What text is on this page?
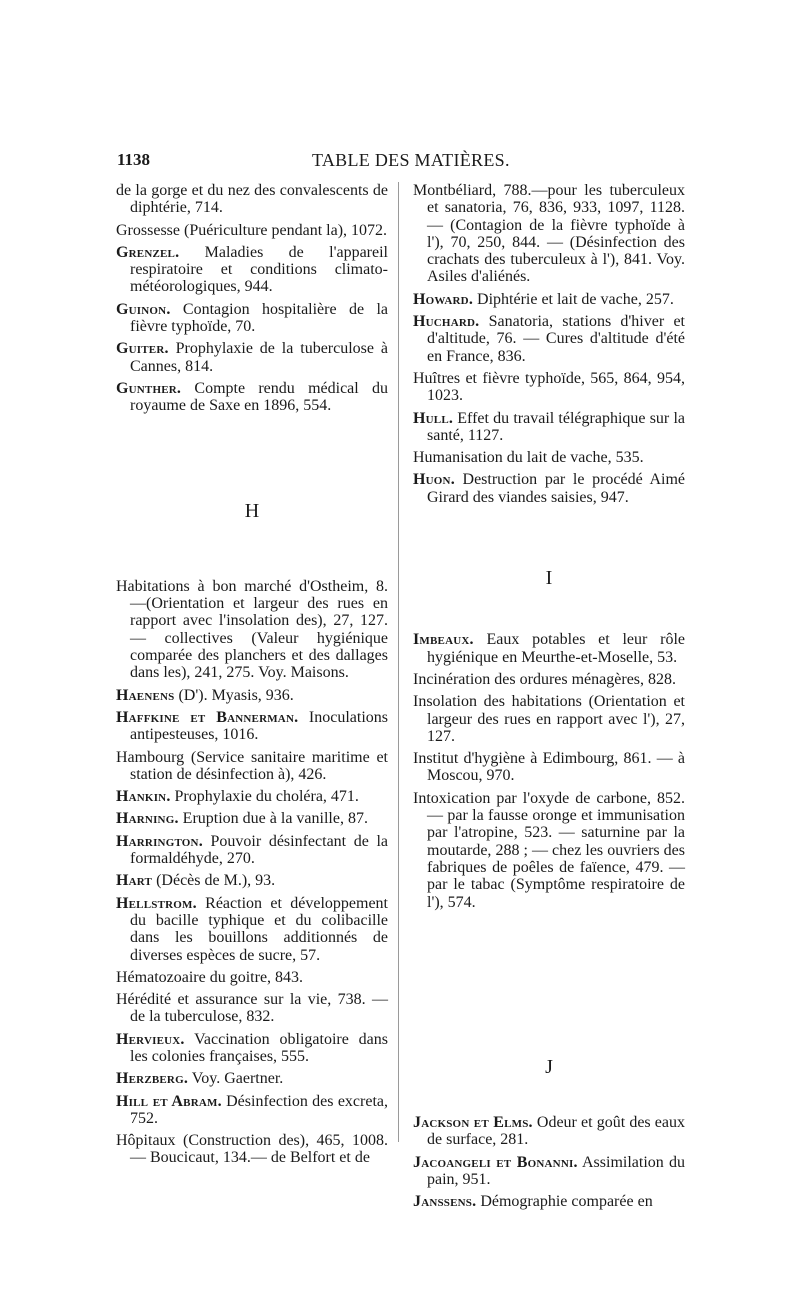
1138	TABLE DES MATIÈRES.

de la gorge et du nez des convalescents de diphtérie, 714.

Grossesse (Puériculture pendant la), 1072.

Grenzel. Maladies de l'appareil respiratoire et conditions climato-météorologiques, 944.

Guinon. Contagion hospitalière de la fièvre typhoïde, 70.

Guiter. Prophylaxie de la tuberculose à Cannes, 814.

Gunther. Compte rendu médical du royaume de Saxe en 1896, 554.

H

Habitations à bon marché d'Ostheim, 8. —(Orientation et largeur des rues en rapport avec l'insolation des), 27, 127. — collectives (Valeur hygiénique comparée des planchers et des dallages dans les), 241, 275. Voy. Maisons.

Haenens (D'). Myasis, 936.

Haffkine et Bannerman. Inoculations antipesteuses, 1016.

Hambourg (Service sanitaire maritime et station de désinfection à), 426.

Hankin. Prophylaxie du choléra, 471.

Harning. Eruption due à la vanille, 87.

Harrington. Pouvoir désinfectant de la formaldéhyde, 270.

Hart (Décès de M.), 93.

Hellstrom. Réaction et développement du bacille typhique et du colibacille dans les bouillons additionnés de diverses espèces de sucre, 57.

Hématozoaire du goitre, 843.

Hérédité et assurance sur la vie, 738. — de la tuberculose, 832.

Hervieux. Vaccination obligatoire dans les colonies françaises, 555.

Herzberg. Voy. Gaertner.

Hill et Abram. Désinfection des excreta, 752.

Hôpitaux (Construction des), 465, 1008. — Boucicaut, 134.— de Belfort et de

Montbéliard, 788.—pour les tuberculeux et sanatoria, 76, 836, 933, 1097, 1128. — (Contagion de la fièvre typhoïde à l'), 70, 250, 844. — (Désinfection des crachats des tuberculeux à l'), 841. Voy. Asiles d'aliénés.

Howard. Diphtérie et lait de vache, 257.

Huchard. Sanatoria, stations d'hiver et d'altitude, 76. — Cures d'altitude d'été en France, 836.

Huîtres et fièvre typhoïde, 565, 864, 954, 1023.

Hull. Effet du travail télégraphique sur la santé, 1127.

Humanisation du lait de vache, 535.

Huon. Destruction par le procédé Aimé Girard des viandes saisies, 947.

I

Imbeaux. Eaux potables et leur rôle hygiénique en Meurthe-et-Moselle, 53.

Incinération des ordures ménagères, 828.

Insolation des habitations (Orientation et largeur des rues en rapport avec l'), 27, 127.

Institut d'hygiène à Edimbourg, 861. — à Moscou, 970.

Intoxication par l'oxyde de carbone, 852. — par la fausse oronge et immunisation par l'atropine, 523. — saturnine par la moutarde, 288 ; — chez les ouvriers des fabriques de poêles de faïence, 479. — par le tabac (Symptôme respiratoire de l'), 574.

J

Jackson et Elms. Odeur et goût des eaux de surface, 281.

Jacoangeli et Bonanni. Assimilation du pain, 951.

Janssens. Démographie comparée en
